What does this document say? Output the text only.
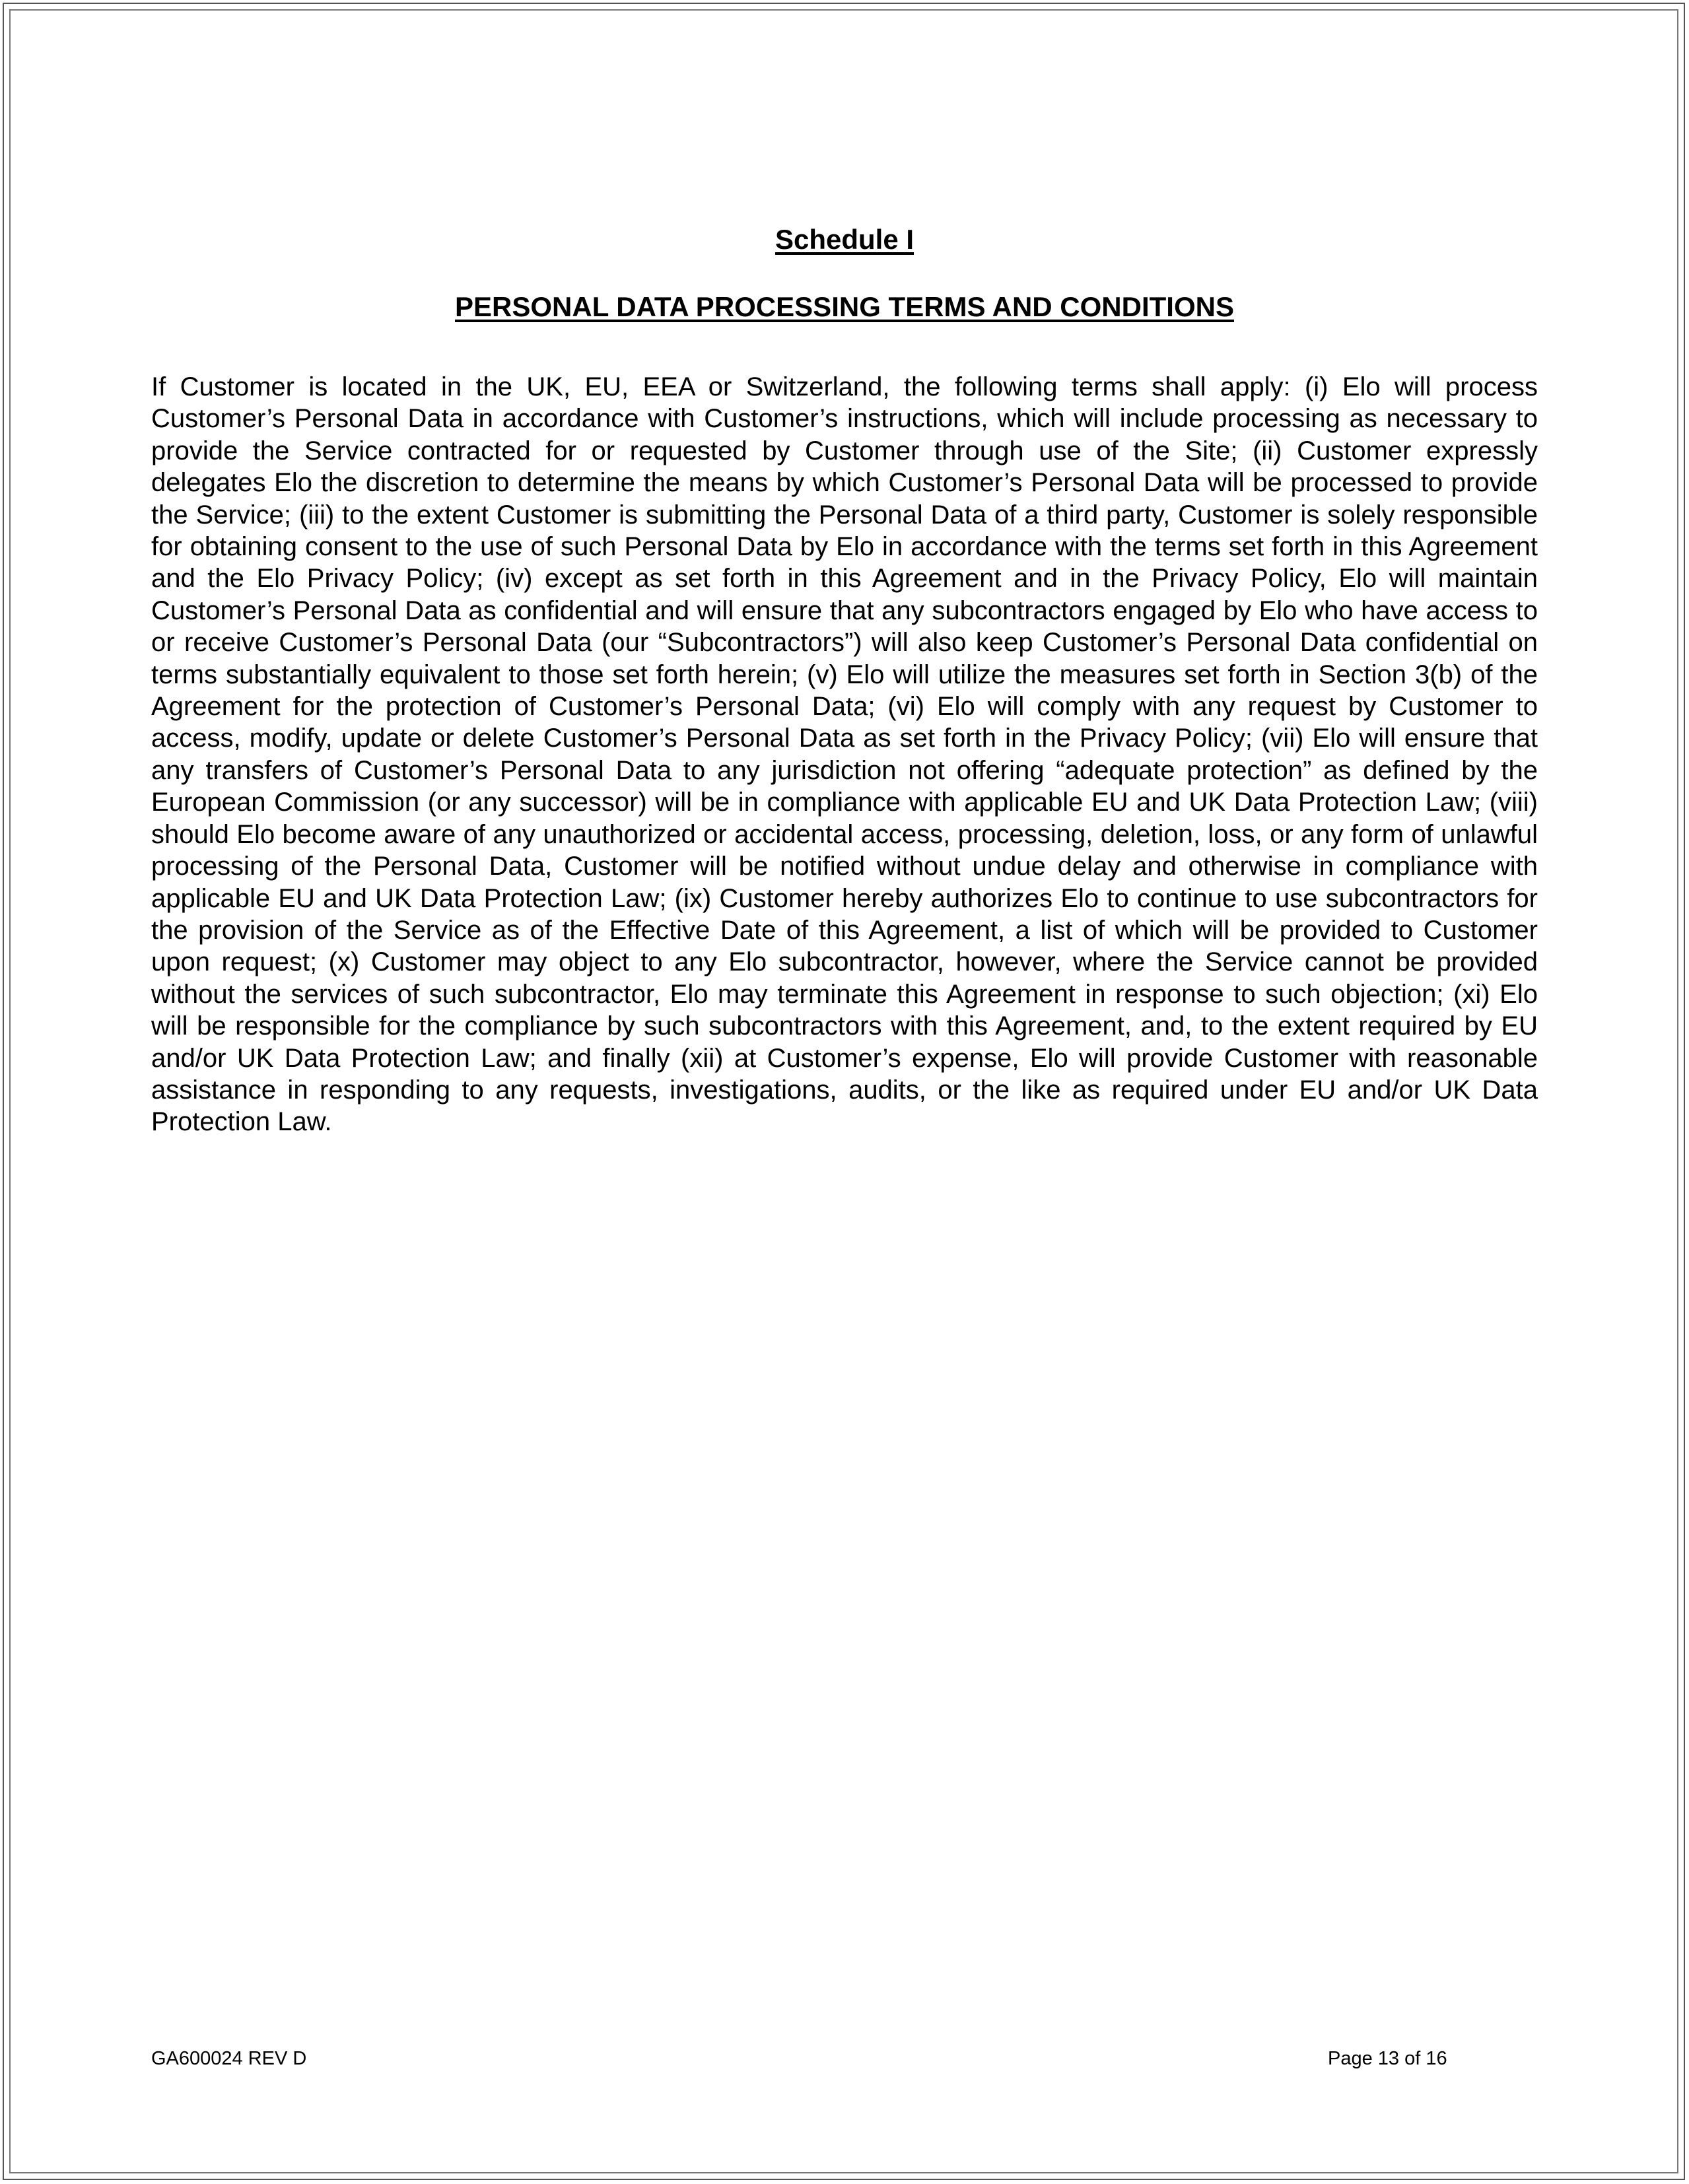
Schedule I
PERSONAL DATA PROCESSING TERMS AND CONDITIONS

If Customer is located in the UK, EU, EEA or Switzerland, the following terms shall apply: (i) Elo will process Customer’s Personal Data in accordance with Customer’s instructions, which will include processing as necessary to provide the Service contracted for or requested by Customer through use of the Site; (ii) Customer expressly delegates Elo the discretion to determine the means by which Customer’s Personal Data will be processed to provide the Service; (iii) to the extent Customer is submitting the Personal Data of a third party, Customer is solely responsible for obtaining consent to the use of such Personal Data by Elo in accordance with the terms set forth in this Agreement and the Elo Privacy Policy; (iv) except as set forth in this Agreement and in the Privacy Policy, Elo will maintain Customer’s Personal Data as confidential and will ensure that any subcontractors engaged by Elo who have access to or receive Customer’s Personal Data (our “Subcontractors”) will also keep Customer’s Personal Data confidential on terms substantially equivalent to those set forth herein; (v) Elo will utilize the measures set forth in Section 3(b) of the Agreement for the protection of Customer’s Personal Data; (vi) Elo will comply with any request by Customer to access, modify, update or delete Customer’s Personal Data as set forth in the Privacy Policy; (vii) Elo will ensure that any transfers of Customer’s Personal Data to any jurisdiction not offering “adequate protection” as defined by the European Commission (or any successor) will be in compliance with applicable EU and UK Data Protection Law; (viii) should Elo become aware of any unauthorized or accidental access, processing, deletion, loss, or any form of unlawful processing of the Personal Data, Customer will be notified without undue delay and otherwise in compliance with applicable EU and UK Data Protection Law; (ix) Customer hereby authorizes Elo to continue to use subcontractors for the provision of the Service as of the Effective Date of this Agreement, a list of which will be provided to Customer upon request; (x) Customer may object to any Elo subcontractor, however, where the Service cannot be provided without the services of such subcontractor, Elo may terminate this Agreement in response to such objection; (xi) Elo will be responsible for the compliance by such subcontractors with this Agreement, and, to the extent required by EU and/or UK Data Protection Law; and finally (xii) at Customer’s expense, Elo will provide Customer with reasonable assistance in responding to any requests, investigations, audits, or the like as required under EU and/or UK Data Protection Law.

GA600024 REV D	Page 13 of 16
